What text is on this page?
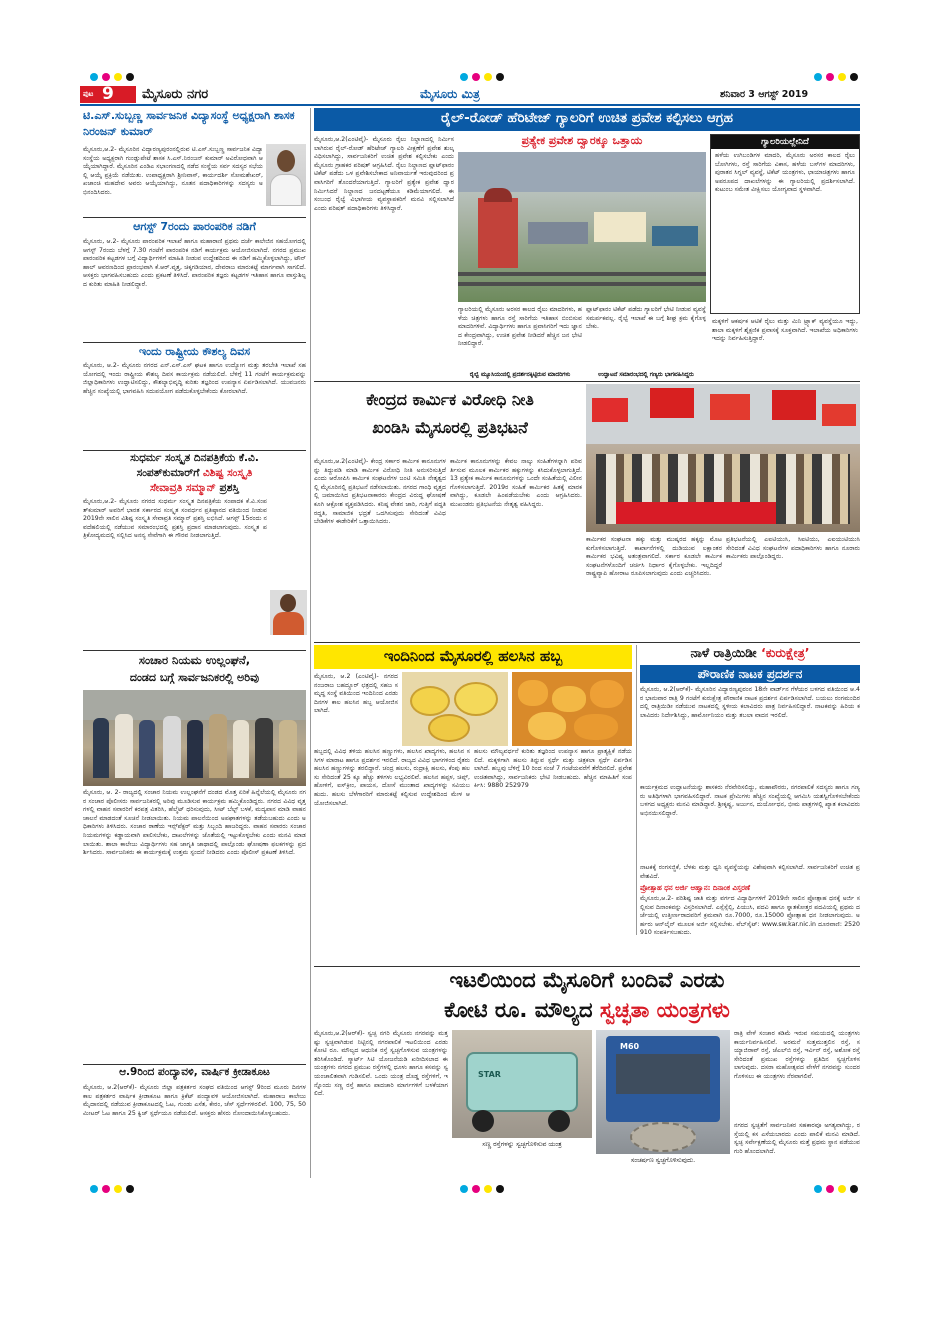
ಪುಟ 9 ಮೈಸೂರು ನಗರ	ಮೈಸೂರು ಮಿತ್ರ	ಶನಿವಾರ 3 ಆಗಸ್ಟ್ 2019
ಟಿ.ಎಸ್.ಸುಬ್ಬಣ್ಣ ಸಾರ್ವಜನಿಕ ವಿದ್ಯಾಸಂಸ್ಥೆ ಅಧ್ಯಕ್ಷರಾಗಿ ಶಾಸಕ ನಿರಂಜನ್ ಕುಮಾರ್
ಮೈಸೂರು,ಆ.2- ಮೈಸೂರಿನ ವಿದ್ಯಾರಣ್ಯಪುರಂನಲ್ಲಿರುವ ಟಿ.ಎಸ್.ಸುಬ್ಬಣ್ಣ ಸಾರ್ವಜನಿಕ ವಿದ್ಯಾ ಸಂಸ್ಥೆಯ ಅಧ್ಯಕ್ಷರಾಗಿ ಗುಂಡ್ಲುಪೇಟೆ ಶಾಸಕ ಸಿ.ಎಸ್.ನಿರಂಜನ್ ಕುಮಾರ್ ಅವಿರೋಧವಾಗಿ ಆಯ್ಕೆಯಾಗಿದ್ದಾರೆ. ಮೈಸೂರಿನ ಎಂಡಿಎ ಸಭಾಂಗಣದಲ್ಲಿ ನಡೆದ ಸಂಸ್ಥೆಯ ಸರ್ವ ಸದಸ್ಯರ ಸಭೆಯಲ್ಲಿ ಆಯ್ಕೆ ಪ್ರಕ್ರಿಯೆ ನಡೆಯಿತು. ಉಪಾಧ್ಯಕ್ಷರಾಗಿ ಶ್ರೀನಿವಾಸ್, ಕಾರ್ಯದರ್ಶಿ ಸೋಮಶೇಖರ್, ಖಜಾಂಚಿ ಮಹದೇವ ಅವರು ಆಯ್ಕೆಯಾಗಿದ್ದು, ನೂತನ ಪದಾಧಿಕಾರಿಗಳನ್ನು ಸದಸ್ಯರು ಅಭಿನಂದಿಸಿದರು.
ಆಗಸ್ಟ್ 7ರಂದು ಪಾರಂಪರಿಕ ನಡಿಗೆ
ಮೈಸೂರು, ಆ.2- ಮೈಸೂರು ಪಾರಂಪರಿಕ ಇಲಾಖೆ ಹಾಗೂ ಮಹಾರಾಣಿ ಪ್ರಥಮ ದರ್ಜೆ ಕಾಲೇಜಿನ ಸಹಯೋಗದಲ್ಲಿ ಆಗಸ್ಟ್ 7ರಂದು ಬೆಳಗ್ಗೆ 7.30 ಗಂಟೆಗೆ ಪಾರಂಪರಿಕ ನಡಿಗೆ ಕಾರ್ಯಕ್ರಮ ಆಯೋಜಿಸಲಾಗಿದೆ. ನಗರದ ಪ್ರಮುಖ ಪಾರಂಪರಿಕ ಕಟ್ಟಡಗಳ ಬಗ್ಗೆ ವಿದ್ಯಾರ್ಥಿಗಳಿಗೆ ಮಾಹಿತಿ ನೀಡುವ ಉದ್ದೇಶದಿಂದ ಈ ನಡಿಗೆ ಹಮ್ಮಿಕೊಳ್ಳಲಾಗಿದ್ದು, ಟೌನ್ ಹಾಲ್ ಆವರಣದಿಂದ ಪ್ರಾರಂಭವಾಗಿ ಕೆ.ಆರ್.ವೃತ್ತ, ಚಿಕ್ಕಗಡಿಯಾರ, ದೇವರಾಜ ಮಾರುಕಟ್ಟೆ ಮಾರ್ಗವಾಗಿ ಸಾಗಲಿದೆ. ಆಸಕ್ತರು ಭಾಗವಹಿಸಬಹುದು ಎಂದು ಪ್ರಕಟಣೆ ತಿಳಿಸಿದೆ. ಪಾರಂಪರಿಕ ತಜ್ಞರು ಕಟ್ಟಡಗಳ ಇತಿಹಾಸ ಹಾಗೂ ವಾಸ್ತುಶಿಲ್ಪದ ಕುರಿತು ಮಾಹಿತಿ ನೀಡಲಿದ್ದಾರೆ.
ಇಂದು ರಾಷ್ಟ್ರೀಯ ಕೌಶಲ್ಯ ದಿವಸ
ಮೈಸೂರು, ಆ.2- ಮೈಸೂರು ನಗರದ ಎನ್.ಎಸ್.ಎಸ್ ಘಟಕ ಹಾಗೂ ಉದ್ಯೋಗ ಮತ್ತು ತರಬೇತಿ ಇಲಾಖೆ ಸಹಯೋಗದಲ್ಲಿ ಇಂದು ರಾಷ್ಟ್ರೀಯ ಕೌಶಲ್ಯ ದಿವಸ ಕಾರ್ಯಕ್ರಮ ನಡೆಯಲಿದೆ. ಬೆಳಿಗ್ಗೆ 11 ಗಂಟೆಗೆ ಕಾರ್ಯಕ್ರಮವನ್ನು ಜಿಲ್ಲಾಧಿಕಾರಿಗಳು ಉದ್ಘಾಟಿಸಲಿದ್ದು, ಕೌಶಲ್ಯಾಭಿವೃದ್ಧಿ ಕುರಿತು ತಜ್ಞರಿಂದ ಉಪನ್ಯಾಸ ಏರ್ಪಡಿಸಲಾಗಿದೆ. ಯುವಜನರು ಹೆಚ್ಚಿನ ಸಂಖ್ಯೆಯಲ್ಲಿ ಭಾಗವಹಿಸಿ ಸದುಪಯೋಗ ಪಡೆದುಕೊಳ್ಳಬೇಕೆಂದು ಕೋರಲಾಗಿದೆ.
ಸುಧರ್ಮ ಸಂಸ್ಕೃತ ದಿನಪತ್ರಿಕೆಯ ಕೆ.ವಿ.
ಸಂಪತ್‌ಕುಮಾರ್‌ಗೆ ವಿಶಿಷ್ಟ ಸಂಸ್ಕೃತಿ
ಸೇವಾವ್ರತಿ ಸಮ್ಮಾನ್ ಪ್ರಶಸ್ತಿ
ಮೈಸೂರು,ಆ.2- ಮೈಸೂರು ನಗರದ ಸುಧರ್ಮ ಸಂಸ್ಕೃತ ದಿನಪತ್ರಿಕೆಯ ಸಂಪಾದಕ ಕೆ.ವಿ.ಸಂಪತ್‌ಕುಮಾರ್ ಅವರಿಗೆ ಭಾರತ ಸರ್ಕಾರದ ಸಂಸ್ಕೃತ ಸಂವರ್ಧನ ಪ್ರತಿಷ್ಠಾನದ ವತಿಯಿಂದ ನೀಡುವ 2019ನೇ ಸಾಲಿನ ವಿಶಿಷ್ಟ ಸಂಸ್ಕೃತಿ ಸೇವಾವ್ರತಿ ಸಮ್ಮಾನ್ ಪ್ರಶಸ್ತಿ ಲಭಿಸಿದೆ. ಆಗಸ್ಟ್ 15ರಂದು ನವದೆಹಲಿಯಲ್ಲಿ ನಡೆಯುವ ಸಮಾರಂಭದಲ್ಲಿ ಪ್ರಶಸ್ತಿ ಪ್ರದಾನ ಮಾಡಲಾಗುವುದು. ಸಂಸ್ಕೃತ ಪತ್ರಿಕೋದ್ಯಮದಲ್ಲಿ ಸಲ್ಲಿಸಿದ ಅನನ್ಯ ಸೇವೆಗಾಗಿ ಈ ಗೌರವ ನೀಡಲಾಗುತ್ತಿದೆ.
ಸಂಚಾರ ನಿಯಮ ಉಲ್ಲಂಘನೆ,
ದಂಡದ ಬಗ್ಗೆ ಸಾರ್ವಜನಿಕರಲ್ಲಿ ಅರಿವು
ಮೈಸೂರು, ಆ. 2- ರಾಜ್ಯದಲ್ಲಿ ಸಂಚಾರ ನಿಯಮ ಉಲ್ಲಂಘನೆಗೆ ದಂಡದ ಮೊತ್ತ ಏರಿಕೆ ಹಿನ್ನೆಲೆಯಲ್ಲಿ ಮೈಸೂರು ನಗರ ಸಂಚಾರ ಪೊಲೀಸರು ಸಾರ್ವಜನಿಕರಲ್ಲಿ ಅರಿವು ಮೂಡಿಸುವ ಕಾರ್ಯಕ್ರಮ ಹಮ್ಮಿಕೊಂಡಿದ್ದರು. ನಗರದ ವಿವಿಧ ವೃತ್ತಗಳಲ್ಲಿ ವಾಹನ ಸವಾರರಿಗೆ ಕರಪತ್ರ ವಿತರಿಸಿ, ಹೆಲ್ಮೆಟ್ ಧರಿಸುವುದು, ಸೀಟ್ ಬೆಲ್ಟ್ ಬಳಕೆ, ಮದ್ಯಪಾನ ಮಾಡಿ ವಾಹನ ಚಾಲನೆ ಮಾಡದಂತೆ ಸೂಚನೆ ನೀಡಲಾಯಿತು. ನಿಯಮ ಪಾಲನೆಯಿಂದ ಅಪಘಾತಗಳನ್ನು ತಡೆಯಬಹುದು ಎಂದು ಅಧಿಕಾರಿಗಳು ತಿಳಿಸಿದರು. ಸಂಚಾರ ಠಾಣೆಯ ಇನ್ಸ್‌ಪೆಕ್ಟರ್ ಮತ್ತು ಸಿಬ್ಬಂದಿ ಹಾಜರಿದ್ದರು. ವಾಹನ ಸವಾರರು ಸಂಚಾರ ನಿಯಮಗಳನ್ನು ಕಡ್ಡಾಯವಾಗಿ ಪಾಲಿಸಬೇಕು, ದಾಖಲೆಗಳನ್ನು ಜೊತೆಯಲ್ಲಿ ಇಟ್ಟುಕೊಳ್ಳಬೇಕು ಎಂದು ಮನವಿ ಮಾಡಲಾಯಿತು. ಶಾಲಾ ಕಾಲೇಜು ವಿದ್ಯಾರ್ಥಿಗಳು ಸಹ ಜಾಗೃತಿ ಜಾಥಾದಲ್ಲಿ ಪಾಲ್ಗೊಂಡು ಘೋಷಣಾ ಫಲಕಗಳನ್ನು ಪ್ರದರ್ಶಿಸಿದರು. ಸಾರ್ವಜನಿಕರು ಈ ಕಾರ್ಯಕ್ರಮಕ್ಕೆ ಉತ್ತಮ ಸ್ಪಂದನೆ ನೀಡಿದರು ಎಂದು ಪೊಲೀಸ್ ಪ್ರಕಟಣೆ ತಿಳಿಸಿದೆ.
ಆ.9ರಿಂದ ಪಂದ್ಯಾವಳಿ, ವಾರ್ಷಿಕ ಕ್ರೀಡಾಕೂಟ
ಮೈಸೂರು, ಆ.2(ಆರ್‌ಕೆ)- ಮೈಸೂರು ಜಿಲ್ಲಾ ಪತ್ರಕರ್ತರ ಸಂಘದ ವತಿಯಿಂದ ಆಗಸ್ಟ್ 9ರಿಂದ ಮೂರು ದಿನಗಳ ಕಾಲ ಪತ್ರಕರ್ತರ ವಾರ್ಷಿಕ ಕ್ರೀಡಾಕೂಟ ಹಾಗೂ ಕ್ರಿಕೆಟ್ ಪಂದ್ಯಾವಳಿ ಆಯೋಜಿಸಲಾಗಿದೆ. ಮಹಾರಾಜ ಕಾಲೇಜು ಮೈದಾನದಲ್ಲಿ ನಡೆಯುವ ಕ್ರೀಡಾಕೂಟದಲ್ಲಿ ಓಟ, ಗುಂಡು ಎಸೆತ, ಕೇರಂ, ಚೆಸ್ ಸ್ಪರ್ಧೆಗಳಿರಲಿವೆ. 100, 75, 50 ಮೀಟರ್ ಓಟ ಹಾಗೂ 25 ಕ್ವಿಜ್ ಸ್ಪರ್ಧೆಯೂ ನಡೆಯಲಿದೆ. ಆಸಕ್ತರು ಹೆಸರು ನೋಂದಾಯಿಸಿಕೊಳ್ಳಬಹುದು.
ರೈಲ್-ರೋಡ್ ಹೆರಿಟೇಜ್ ಗ್ಯಾಲರಿಗೆ ಉಚಿತ ಪ್ರವೇಶ ಕಲ್ಪಿಸಲು ಆಗ್ರಹ
ಪ್ರತ್ಯೇಕ ಪ್ರವೇಶ ದ್ವಾರಕ್ಕೂ ಒತ್ತಾಯ
ಮೈಸೂರು,ಆ.2(ಎಂಟಿವೈ)- ಮೈಸೂರು ರೈಲು ನಿಲ್ದಾಣದಲ್ಲಿ ನಿರ್ಮಿಸಲಾಗಿರುವ ರೈಲ್-ರೋಡ್ ಹೆರಿಟೇಜ್ ಗ್ಯಾಲರಿ ವೀಕ್ಷಣೆಗೆ ಪ್ರವೇಶ ಶುಲ್ಕ ವಿಧಿಸಲಾಗಿದ್ದು, ಸಾರ್ವಜನಿಕರಿಗೆ ಉಚಿತ ಪ್ರವೇಶ ಕಲ್ಪಿಸಬೇಕು ಎಂದು ಮೈಸೂರು ಗ್ರಾಹಕರ ಪರಿಷತ್ ಆಗ್ರಹಿಸಿದೆ. ರೈಲು ನಿಲ್ದಾಣದ ಪ್ಲಾಟ್‌ಫಾರಂ ಟಿಕೆಟ್ ಪಡೆದು ಒಳ ಪ್ರವೇಶಿಸಬೇಕಾದ ಅನಿವಾರ್ಯತೆ ಇರುವುದರಿಂದ ಪ್ರವಾಸಿಗರಿಗೆ ತೊಂದರೆಯಾಗುತ್ತಿದೆ. ಗ್ಯಾಲರಿಗೆ ಪ್ರತ್ಯೇಕ ಪ್ರವೇಶ ದ್ವಾರ ನಿರ್ಮಿಸಿದರೆ ನಿಲ್ದಾಣದ ಜನದಟ್ಟಣೆಯೂ ಕಡಿಮೆಯಾಗಲಿದೆ. ಈ ಸಂಬಂಧ ರೈಲ್ವೆ ವಿಭಾಗೀಯ ವ್ಯವಸ್ಥಾಪಕರಿಗೆ ಮನವಿ ಸಲ್ಲಿಸಲಾಗಿದೆ ಎಂದು ಪರಿಷತ್ ಪದಾಧಿಕಾರಿಗಳು ತಿಳಿಸಿದ್ದಾರೆ.
ಗ್ಯಾಲರಿಯಲ್ಲಿ ಮೈಸೂರು ಅರಸರ ಕಾಲದ ರೈಲು ಮಾದರಿಗಳು, ಹಳೆಯ ಚಿತ್ರಗಳು ಹಾಗೂ ರಸ್ತೆ ಸಾರಿಗೆಯ ಇತಿಹಾಸ ಬಿಂಬಿಸುವ ಮಾದರಿಗಳಿವೆ. ವಿದ್ಯಾರ್ಥಿಗಳು ಹಾಗೂ ಪ್ರವಾಸಿಗರಿಗೆ ಇದು ಜ್ಞಾನದ ಕೇಂದ್ರವಾಗಿದ್ದು, ಉಚಿತ ಪ್ರವೇಶ ನೀಡಿದರೆ ಹೆಚ್ಚಿನ ಜನ ಭೇಟಿ ನೀಡಲಿದ್ದಾರೆ.
ರೈಲ್ವೆ ಮ್ಯೂಸಿಯಂನಲ್ಲಿ ಪ್ರದರ್ಶನಕ್ಕಿಟ್ಟಿರುವ ಮಾದರಿಗಳು
ಪ್ಲಾಟ್‌ಫಾರಂ ಟಿಕೆಟ್ ಪಡೆದು ಗ್ಯಾಲರಿಗೆ ಭೇಟಿ ನೀಡುವ ವ್ಯವಸ್ಥೆ ಸಮರ್ಪಕವಲ್ಲ. ರೈಲ್ವೆ ಇಲಾಖೆ ಈ ಬಗ್ಗೆ ಶೀಘ್ರ ಕ್ರಮ ಕೈಗೊಳ್ಳಬೇಕು.
ಉದ್ಘಾಟನೆ ಸಮಾರಂಭದಲ್ಲಿ ಗಣ್ಯರು ಭಾಗವಹಿಸಿದ್ದರು
ಗ್ಯಾಲರಿಯಲ್ಲೇನಿದೆ
ಹಳೆಯ ಉಗಿಬಂಡಿಗಳ ಮಾದರಿ, ಮೈಸೂರು ಅರಸರ ಕಾಲದ ರೈಲು ಬೋಗಿಗಳು, ರಸ್ತೆ ಸಾರಿಗೆಯ ವಿಕಾಸ, ಹಳೆಯ ಬಸ್‌ಗಳ ಮಾದರಿಗಳು, ಪುರಾತನ ಸಿಗ್ನಲ್ ವ್ಯವಸ್ಥೆ, ಟಿಕೆಟ್ ಯಂತ್ರಗಳು, ಛಾಯಾಚಿತ್ರಗಳು ಹಾಗೂ ಅಪರೂಪದ ದಾಖಲೆಗಳನ್ನು ಈ ಗ್ಯಾಲರಿಯಲ್ಲಿ ಪ್ರದರ್ಶಿಸಲಾಗಿದೆ. ಕುಟುಂಬ ಸಮೇತ ವೀಕ್ಷಿಸಲು ಯೋಗ್ಯವಾದ ಸ್ಥಳವಾಗಿದೆ.
ಮಕ್ಕಳಿಗೆ ಆಕರ್ಷಕ ಆಟಿಕೆ ರೈಲು ಮತ್ತು ಮಿನಿ ಟ್ರ್ಯಾಕ್ ವ್ಯವಸ್ಥೆಯೂ ಇದ್ದು, ಶಾಲಾ ಮಕ್ಕಳಿಗೆ ಶೈಕ್ಷಣಿಕ ಪ್ರವಾಸಕ್ಕೆ ಸೂಕ್ತವಾಗಿದೆ. ಇಲಾಖೆಯ ಅಧಿಕಾರಿಗಳು ಇದನ್ನು ನಿರ್ವಹಿಸುತ್ತಿದ್ದಾರೆ.
ಕೇಂದ್ರದ ಕಾರ್ಮಿಕ ವಿರೋಧಿ ನೀತಿ
ಖಂಡಿಸಿ ಮೈಸೂರಲ್ಲಿ ಪ್ರತಿಭಟನೆ
ಮೈಸೂರು,ಆ.2(ಎಂಟಿವೈ)- ಕೇಂದ್ರ ಸರ್ಕಾರ ಕಾರ್ಮಿಕ ಕಾನೂನುಗಳನ್ನು ತಿದ್ದುಪಡಿ ಮಾಡಿ ಕಾರ್ಮಿಕ ವಿರೋಧಿ ನೀತಿ ಅನುಸರಿಸುತ್ತಿದೆ ಎಂದು ಆರೋಪಿಸಿ ಕಾರ್ಮಿಕ ಸಂಘಟನೆಗಳ ಜಂಟಿ ಸಮಿತಿ ನೇತೃತ್ವದಲ್ಲಿ ಮೈಸೂರಿನಲ್ಲಿ ಪ್ರತಿಭಟನೆ ನಡೆಸಲಾಯಿತು. ನಗರದ ಗಾಂಧಿ ವೃತ್ತದಲ್ಲಿ ಜಮಾಯಿಸಿದ ಪ್ರತಿಭಟನಾಕಾರರು ಕೇಂದ್ರದ ವಿರುದ್ಧ ಘೋಷಣೆ ಕೂಗಿ ಆಕ್ರೋಶ ವ್ಯಕ್ತಪಡಿಸಿದರು. ಕನಿಷ್ಠ ವೇತನ ಜಾರಿ, ಗುತ್ತಿಗೆ ಪದ್ಧತಿ ರದ್ದತಿ, ಸಾಮಾಜಿಕ ಭದ್ರತೆ ಒದಗಿಸುವುದು ಸೇರಿದಂತೆ ವಿವಿಧ ಬೇಡಿಕೆಗಳ ಈಡೇರಿಕೆಗೆ ಒತ್ತಾಯಿಸಿದರು.
ಕಾರ್ಮಿಕ ಕಾನೂನುಗಳನ್ನು ಕೇವಲ ನಾಲ್ಕು ಸಂಹಿತೆಗಳನ್ನಾಗಿ ಪರಿವರ್ತಿಸುವ ಮೂಲಕ ಕಾರ್ಮಿಕರ ಹಕ್ಕುಗಳನ್ನು ಕಸಿದುಕೊಳ್ಳಲಾಗುತ್ತಿದೆ. 13 ಪ್ರತ್ಯೇಕ ಕಾರ್ಮಿಕ ಕಾನೂನುಗಳನ್ನು ಒಂದೇ ಸಂಹಿತೆಯಲ್ಲಿ ವಿಲೀನಗೊಳಿಸಲಾಗುತ್ತಿದೆ. 2019ರ ಸಂಹಿತೆ ಕಾರ್ಮಿಕರ ಹಿತಕ್ಕೆ ಮಾರಕವಾಗಿದ್ದು, ಕೂಡಲೇ ಹಿಂಪಡೆಯಬೇಕು ಎಂದು ಆಗ್ರಹಿಸಿದರು. ಮುಖಂಡರು ಪ್ರತಿಭಟನೆಯ ನೇತೃತ್ವ ವಹಿಸಿದ್ದರು.
ಕಾರ್ಮಿಕರ ಸಂಘಟನಾ ಹಕ್ಕು ಮತ್ತು ಮುಷ್ಕರದ ಹಕ್ಕನ್ನು ಮೊಟಕುಗೊಳಿಸಲಾಗುತ್ತಿದೆ. ಕಾರ್ಖಾನೆಗಳಲ್ಲಿ ದುಡಿಯುವ ಲಕ್ಷಾಂತರ ಕಾರ್ಮಿಕರ ಭವಿಷ್ಯ ಅತಂತ್ರವಾಗಲಿದೆ. ಸರ್ಕಾರ ಕೂಡಲೇ ಕಾರ್ಮಿಕ ಸಂಘಟನೆಗಳೊಂದಿಗೆ ಚರ್ಚಿಸಿ ನಿರ್ಧಾರ ಕೈಗೊಳ್ಳಬೇಕು. ಇಲ್ಲದಿದ್ದರೆ ರಾಷ್ಟ್ರವ್ಯಾಪಿ ಹೋರಾಟ ರೂಪಿಸಲಾಗುವುದು ಎಂದು ಎಚ್ಚರಿಸಿದರು.
ಪ್ರತಿಭಟನೆಯಲ್ಲಿ ಎಐಟಿಯುಸಿ, ಸಿಐಟಿಯು, ಎಐಯುಟಿಯುಸಿ ಸೇರಿದಂತೆ ವಿವಿಧ ಸಂಘಟನೆಗಳ ಪದಾಧಿಕಾರಿಗಳು ಹಾಗೂ ನೂರಾರು ಕಾರ್ಮಿಕರು ಪಾಲ್ಗೊಂಡಿದ್ದರು.
ಇಂದಿನಿಂದ ಮೈಸೂರಲ್ಲಿ ಹಲಸಿನ ಹಬ್ಬ
ಮೈಸೂರು, ಆ.2 (ಎಂಟಿವೈ)- ನಗರದ ನಂಜರಾಜ ಬಹದ್ದೂರ್ ಛತ್ರದಲ್ಲಿ ಸಹಜ ಸಮೃದ್ಧ ಸಂಸ್ಥೆ ವತಿಯಿಂದ ಇಂದಿನಿಂದ ಎರಡು ದಿನಗಳ ಕಾಲ ಹಲಸಿನ ಹಬ್ಬ ಆಯೋಜಿಸಲಾಗಿದೆ.
ಹಬ್ಬದಲ್ಲಿ ವಿವಿಧ ತಳಿಯ ಹಲಸಿನ ಹಣ್ಣುಗಳು, ಹಲಸಿನ ಖಾದ್ಯಗಳು, ಹಲಸಿನ ಸಸಿಗಳ ಮಾರಾಟ ಹಾಗೂ ಪ್ರದರ್ಶನ ಇರಲಿದೆ. ರಾಜ್ಯದ ವಿವಿಧ ಭಾಗಗಳಿಂದ ರೈತರು ಹಲಸಿನ ಹಣ್ಣುಗಳನ್ನು ತರಲಿದ್ದಾರೆ. ಚಂದ್ರ ಹಲಸು, ರುದ್ರಾಕ್ಷಿ ಹಲಸು, ಕೆಂಪು ಹಲಸು ಸೇರಿದಂತೆ 25 ಕ್ಕೂ ಹೆಚ್ಚು ತಳಿಗಳು ಲಭ್ಯವಿರಲಿವೆ. ಹಲಸಿನ ಹಪ್ಪಳ, ಚಿಪ್ಸ್, ಹೋಳಿಗೆ, ಐಸ್‌ಕ್ರೀಂ, ಪಾಯಸ, ದೋಸೆ ಮುಂತಾದ ಖಾದ್ಯಗಳನ್ನು ಸವಿಯಬಹುದು. ಹಲಸು ಬೆಳೆಗಾರರಿಗೆ ಮಾರುಕಟ್ಟೆ ಕಲ್ಪಿಸುವ ಉದ್ದೇಶದಿಂದ ಮೇಳ ಆಯೋಜಿಸಲಾಗಿದೆ.
ಹಲಸು ಮೌಲ್ಯವರ್ಧನೆ ಕುರಿತು ತಜ್ಞರಿಂದ ಉಪನ್ಯಾಸ ಹಾಗೂ ಪ್ರಾತ್ಯಕ್ಷಿಕೆ ನಡೆಯಲಿದೆ. ಮಕ್ಕಳಿಗಾಗಿ ಹಲಸು ತಿನ್ನುವ ಸ್ಪರ್ಧೆ ಮತ್ತು ಚಿತ್ರಕಲಾ ಸ್ಪರ್ಧೆ ಏರ್ಪಡಿಸಲಾಗಿದೆ. ಹಬ್ಬವು ಬೆಳಿಗ್ಗೆ 10 ರಿಂದ ಸಂಜೆ 7 ಗಂಟೆಯವರೆಗೆ ತೆರೆದಿರಲಿದೆ. ಪ್ರವೇಶ ಉಚಿತವಾಗಿದ್ದು, ಸಾರ್ವಜನಿಕರು ಭೇಟಿ ನೀಡಬಹುದು. ಹೆಚ್ಚಿನ ಮಾಹಿತಿಗೆ ಸಂಪರ್ಕಿಸಿ: 9880 252979
ನಾಳೆ ರಾತ್ರಿಯಿಡೀ ‘ಕುರುಕ್ಷೇತ್ರ’
ಪೌರಾಣಿಕ ನಾಟಕ ಪ್ರದರ್ಶನ
ಮೈಸೂರು, ಆ.2(ಆರ್‌ಕೆ)- ಮೈಸೂರಿನ ವಿದ್ಯಾರಣ್ಯಪುರಂನ 18ನೇ ವಾರ್ಡ್‌ನ ಗೆಳೆಯರ ಬಳಗದ ವತಿಯಿಂದ ಆ.4ರ ಭಾನುವಾರ ರಾತ್ರಿ 9 ಗಂಟೆಗೆ ಕುರುಕ್ಷೇತ್ರ ಪೌರಾಣಿಕ ನಾಟಕ ಪ್ರದರ್ಶನ ಏರ್ಪಡಿಸಲಾಗಿದೆ. ಬಯಲು ರಂಗಮಂದಿರದಲ್ಲಿ ರಾತ್ರಿಯಿಡೀ ನಡೆಯುವ ನಾಟಕದಲ್ಲಿ ಸ್ಥಳೀಯ ಕಲಾವಿದರು ಪಾತ್ರ ನಿರ್ವಹಿಸಲಿದ್ದಾರೆ. ನಾಟಕವನ್ನು ಹಿರಿಯ ಕಲಾವಿದರು ನಿರ್ದೇಶಿಸಿದ್ದು, ಹಾರ್ಮೋನಿಯಂ ಮತ್ತು ತಬಲಾ ವಾದನ ಇರಲಿದೆ.
ಕಾರ್ಯಕ್ರಮದ ಉದ್ಘಾಟನೆಯನ್ನು ಶಾಸಕರು ನೆರವೇರಿಸಲಿದ್ದು, ಮಹಾಪೌರರು, ನಗರಪಾಲಿಕೆ ಸದಸ್ಯರು ಹಾಗೂ ಗಣ್ಯರು ಅತಿಥಿಗಳಾಗಿ ಭಾಗವಹಿಸಲಿದ್ದಾರೆ. ನಾಟಕ ಪ್ರೇಮಿಗಳು ಹೆಚ್ಚಿನ ಸಂಖ್ಯೆಯಲ್ಲಿ ಆಗಮಿಸಿ ಯಶಸ್ವಿಗೊಳಿಸಬೇಕೆಂದು ಬಳಗದ ಅಧ್ಯಕ್ಷರು ಮನವಿ ಮಾಡಿದ್ದಾರೆ. ಶ್ರೀಕೃಷ್ಣ, ಅರ್ಜುನ, ದುರ್ಯೋಧನ, ಭೀಮ ಪಾತ್ರಗಳಲ್ಲಿ ಖ್ಯಾತ ಕಲಾವಿದರು ಅಭಿನಯಿಸಲಿದ್ದಾರೆ.
ನಾಟಕಕ್ಕೆ ರಂಗಸಜ್ಜಿಕೆ, ಬೆಳಕು ಮತ್ತು ಧ್ವನಿ ವ್ಯವಸ್ಥೆಯನ್ನು ವಿಶೇಷವಾಗಿ ಕಲ್ಪಿಸಲಾಗಿದೆ. ಸಾರ್ವಜನಿಕರಿಗೆ ಉಚಿತ ಪ್ರವೇಶವಿದೆ.
ಪ್ರೋತ್ಸಾಹ ಧನ ಅರ್ಜಿ ಆಹ್ವಾನ: ದಿನಾಂಕ ವಿಸ್ತರಣೆ
ಮೈಸೂರು,ಆ.2- ಪರಿಶಿಷ್ಟ ಜಾತಿ ಮತ್ತು ವರ್ಗದ ವಿದ್ಯಾರ್ಥಿಗಳಿಗೆ 2019ನೇ ಸಾಲಿನ ಪ್ರೋತ್ಸಾಹ ಧನಕ್ಕೆ ಅರ್ಜಿ ಸಲ್ಲಿಸುವ ದಿನಾಂಕವನ್ನು ವಿಸ್ತರಿಸಲಾಗಿದೆ. ಎಸ್ಸೆಸ್ಸೆಲ್ಸಿ, ಪಿಯುಸಿ, ಪದವಿ ಹಾಗೂ ಸ್ನಾತಕೋತ್ತರ ಪದವಿಯಲ್ಲಿ ಪ್ರಥಮ ದರ್ಜೆಯಲ್ಲಿ ಉತ್ತೀರ್ಣರಾದವರಿಗೆ ಕ್ರಮವಾಗಿ ರೂ.7000, ರೂ.15000 ಪ್ರೋತ್ಸಾಹ ಧನ ನೀಡಲಾಗುವುದು. ಅರ್ಹರು ಆನ್‌ಲೈನ್ ಮೂಲಕ ಅರ್ಜಿ ಸಲ್ಲಿಸಬೇಕು. ವೆಬ್‌ಸೈಟ್: www.sw.kar.nic.in ದೂರವಾಣಿ: 2520910 ಸಂಪರ್ಕಿಸಬಹುದು.
ಇಟಲಿಯಿಂದ ಮೈಸೂರಿಗೆ ಬಂದಿವೆ ಎರಡು
ಕೋಟಿ ರೂ. ಮೌಲ್ಯದ ಸ್ವಚ್ಛತಾ ಯಂತ್ರಗಳು
ಮೈಸೂರು,ಆ.2(ಆರ್‌ಕೆ)- ಸ್ವಚ್ಛ ನಗರಿ ಮೈಸೂರು ನಗರವನ್ನು ಮತ್ತಷ್ಟು ಸ್ವಚ್ಛವಾಗಿಡುವ ನಿಟ್ಟಿನಲ್ಲಿ ನಗರಪಾಲಿಕೆ ಇಟಲಿಯಿಂದ ಎರಡು ಕೋಟಿ ರೂ. ಮೌಲ್ಯದ ಆಧುನಿಕ ರಸ್ತೆ ಸ್ವಚ್ಛಗೊಳಿಸುವ ಯಂತ್ರಗಳನ್ನು ತರಿಸಿಕೊಂಡಿದೆ. ಸ್ಮಾರ್ಟ್ ಸಿಟಿ ಯೋಜನೆಯಡಿ ಖರೀದಿಸಲಾದ ಈ ಯಂತ್ರಗಳು ನಗರದ ಪ್ರಮುಖ ರಸ್ತೆಗಳಲ್ಲಿ ಧೂಳು ಹಾಗೂ ಕಸವನ್ನು ಸ್ವಯಂಚಾಲಿತವಾಗಿ ಗುಡಿಸಲಿವೆ. ಒಂದು ಯಂತ್ರ ದೊಡ್ಡ ರಸ್ತೆಗಳಿಗೆ, ಇನ್ನೊಂದು ಸಣ್ಣ ರಸ್ತೆ ಹಾಗೂ ಪಾದಚಾರಿ ಮಾರ್ಗಗಳಿಗೆ ಬಳಕೆಯಾಗಲಿದೆ.
STAR
ಸಣ್ಣ ರಸ್ತೆಗಳನ್ನು ಸ್ವಚ್ಛಗೊಳಿಸುವ ಯಂತ್ರ
M60
ಸಂಚರ್ಷಣ ಸ್ವಚ್ಛಗೊಳಿಸುವುದು.
ರಾತ್ರಿ ವೇಳೆ ಸಂಚಾರ ಕಡಿಮೆ ಇರುವ ಸಮಯದಲ್ಲಿ ಯಂತ್ರಗಳು ಕಾರ್ಯನಿರ್ವಹಿಸಲಿವೆ. ಅರಮನೆ ಸುತ್ತಮುತ್ತಲಿನ ರಸ್ತೆ, ಸಯ್ಯಾಜಿರಾವ್ ರಸ್ತೆ, ಜೆಎಲ್‌ಬಿ ರಸ್ತೆ, ಇರ್ವಿನ್ ರಸ್ತೆ, ಅಶೋಕ ರಸ್ತೆ ಸೇರಿದಂತೆ ಪ್ರಮುಖ ರಸ್ತೆಗಳನ್ನು ಪ್ರತಿದಿನ ಸ್ವಚ್ಛಗೊಳಿಸಲಾಗುವುದು. ದಸರಾ ಮಹೋತ್ಸವದ ವೇಳೆಗೆ ನಗರವನ್ನು ಸುಂದರಗೊಳಿಸಲು ಈ ಯಂತ್ರಗಳು ನೆರವಾಗಲಿವೆ.
ನಗರದ ಸ್ವಚ್ಛತೆಗೆ ಸಾರ್ವಜನಿಕರ ಸಹಕಾರವೂ ಅಗತ್ಯವಾಗಿದ್ದು, ರಸ್ತೆಯಲ್ಲಿ ಕಸ ಎಸೆಯಬಾರದು ಎಂದು ಪಾಲಿಕೆ ಮನವಿ ಮಾಡಿದೆ. ಸ್ವಚ್ಛ ಸರ್ವೇಕ್ಷಣೆಯಲ್ಲಿ ಮೈಸೂರು ಮತ್ತೆ ಪ್ರಥಮ ಸ್ಥಾನ ಪಡೆಯುವ ಗುರಿ ಹೊಂದಲಾಗಿದೆ.
